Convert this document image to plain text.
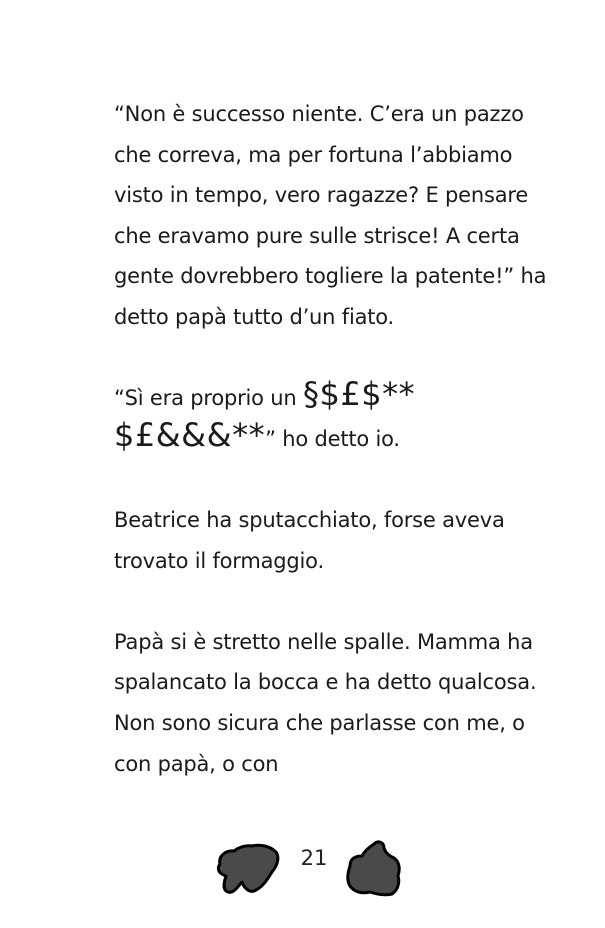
“Non è successo niente. C’era un pazzo che correva, ma per fortuna l’abbiamo visto in tempo, vero ragazze? E pensare che eravamo pure sulle strisce! A certa gente dovrebbero togliere la patente!” ha detto papà tutto d’un fiato.

“Sì era proprio un §$£$**
$£&&&**” ho detto io.

Beatrice ha sputacchiato, forse aveva trovato il formaggio.

Papà si è stretto nelle spalle. Mamma ha spalancato la bocca e ha detto qualcosa. Non sono sicura che parlasse con me, o con papà, o con

21
